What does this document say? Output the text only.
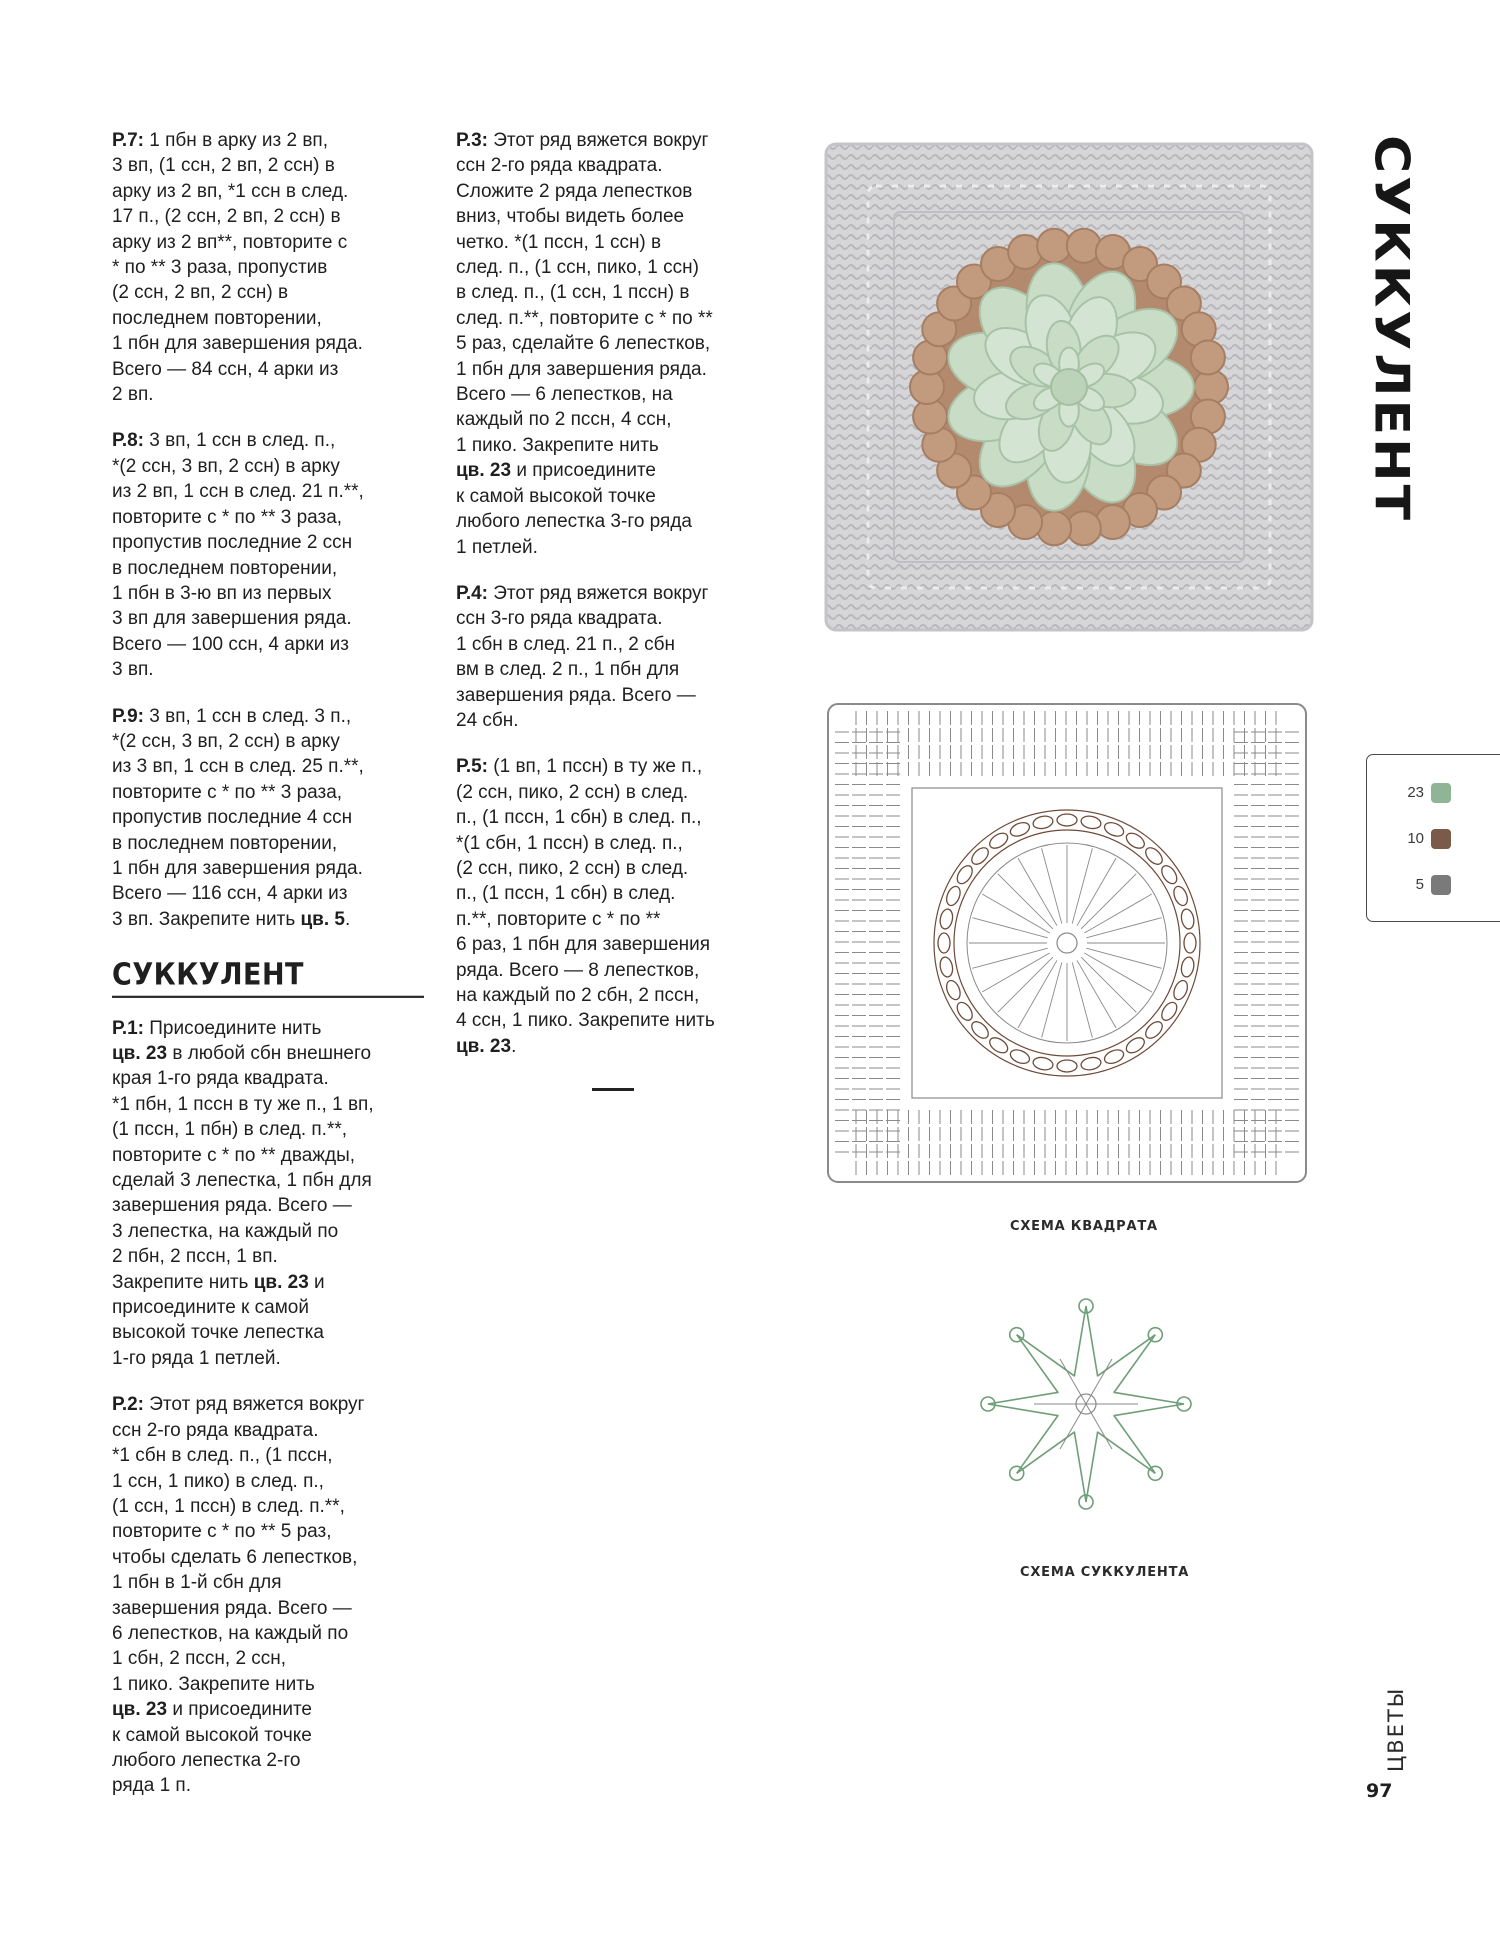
Р.7: 1 пбн в арку из 2 вп,
3 вп, (1 ссн, 2 вп, 2 ссн) в
арку из 2 вп, *1 ссн в след.
17 п., (2 ссн, 2 вп, 2 ссн) в
арку из 2 вп**, повторите с
* по ** 3 раза, пропустив
(2 ссн, 2 вп, 2 ссн) в
последнем повторении,
1 пбн для завершения ряда.
Всего — 84 ссн, 4 арки из
2 вп.

Р.8: 3 вп, 1 ссн в след. п.,
*(2 ссн, 3 вп, 2 ссн) в арку
из 2 вп, 1 ссн в след. 21 п.**,
повторите с * по ** 3 раза,
пропустив последние 2 ссн
в последнем повторении,
1 пбн в 3-ю вп из первых
3 вп для завершения ряда.
Всего — 100 ссн, 4 арки из
3 вп.

Р.9: 3 вп, 1 ссн в след. 3 п.,
*(2 ссн, 3 вп, 2 ссн) в арку
из 3 вп, 1 ссн в след. 25 п.**,
повторите с * по ** 3 раза,
пропустив последние 4 ссн
в последнем повторении,
1 пбн для завершения ряда.
Всего — 116 ссн, 4 арки из
3 вп. Закрепите нить цв. 5.

СУККУЛЕНТ

Р.1: Присоедините нить
цв. 23 в любой сбн внешнего
края 1-го ряда квадрата.
*1 пбн, 1 пссн в ту же п., 1 вп,
(1 пссн, 1 пбн) в след. п.**,
повторите с * по ** дважды,
сделай 3 лепестка, 1 пбн для
завершения ряда. Всего —
3 лепестка, на каждый по
2 пбн, 2 пссн, 1 вп.
Закрепите нить цв. 23 и
присоедините к самой
высокой точке лепестка
1-го ряда 1 петлей.

Р.2: Этот ряд вяжется вокруг
ссн 2-го ряда квадрата.
*1 сбн в след. п., (1 пссн,
1 ссн, 1 пико) в след. п.,
(1 ссн, 1 пссн) в след. п.**,
повторите с * по ** 5 раз,
чтобы сделать 6 лепестков,
1 пбн в 1-й сбн для
завершения ряда. Всего —
6 лепестков, на каждый по
1 сбн, 2 пссн, 2 ссн,
1 пико. Закрепите нить
цв. 23 и присоедините
к самой высокой точке
любого лепестка 2-го
ряда 1 п.

Р.3: Этот ряд вяжется вокруг
ссн 2-го ряда квадрата.
Сложите 2 ряда лепестков
вниз, чтобы видеть более
четко. *(1 пссн, 1 ссн) в
след. п., (1 ссн, пико, 1 ссн)
в след. п., (1 ссн, 1 пссн) в
след. п.**, повторите с * по **
5 раз, сделайте 6 лепестков,
1 пбн для завершения ряда.
Всего — 6 лепестков, на
каждый по 2 пссн, 4 ссн,
1 пико. Закрепите нить
цв. 23 и присоедините
к самой высокой точке
любого лепестка 3-го ряда
1 петлей.

Р.4: Этот ряд вяжется вокруг
ссн 3-го ряда квадрата.
1 сбн в след. 21 п., 2 сбн
вм в след. 2 п., 1 пбн для
завершения ряда. Всего —
24 сбн.

Р.5: (1 вп, 1 пссн) в ту же п.,
(2 ссн, пико, 2 ссн) в след.
п., (1 пссн, 1 сбн) в след. п.,
*(1 сбн, 1 пссн) в след. п.,
(2 ссн, пико, 2 ссн) в след.
п., (1 пссн, 1 сбн) в след.
п.**, повторите с * по **
6 раз, 1 пбн для завершения
ряда. Всего — 8 лепестков,
на каждый по 2 сбн, 2 пссн,
4 ссн, 1 пико. Закрепите нить
цв. 23.

СХЕМА КВАДРАТА
СХЕМА СУККУЛЕНТА
СУККУЛЕНТ
23
10
5
ЦВЕТЫ
97
